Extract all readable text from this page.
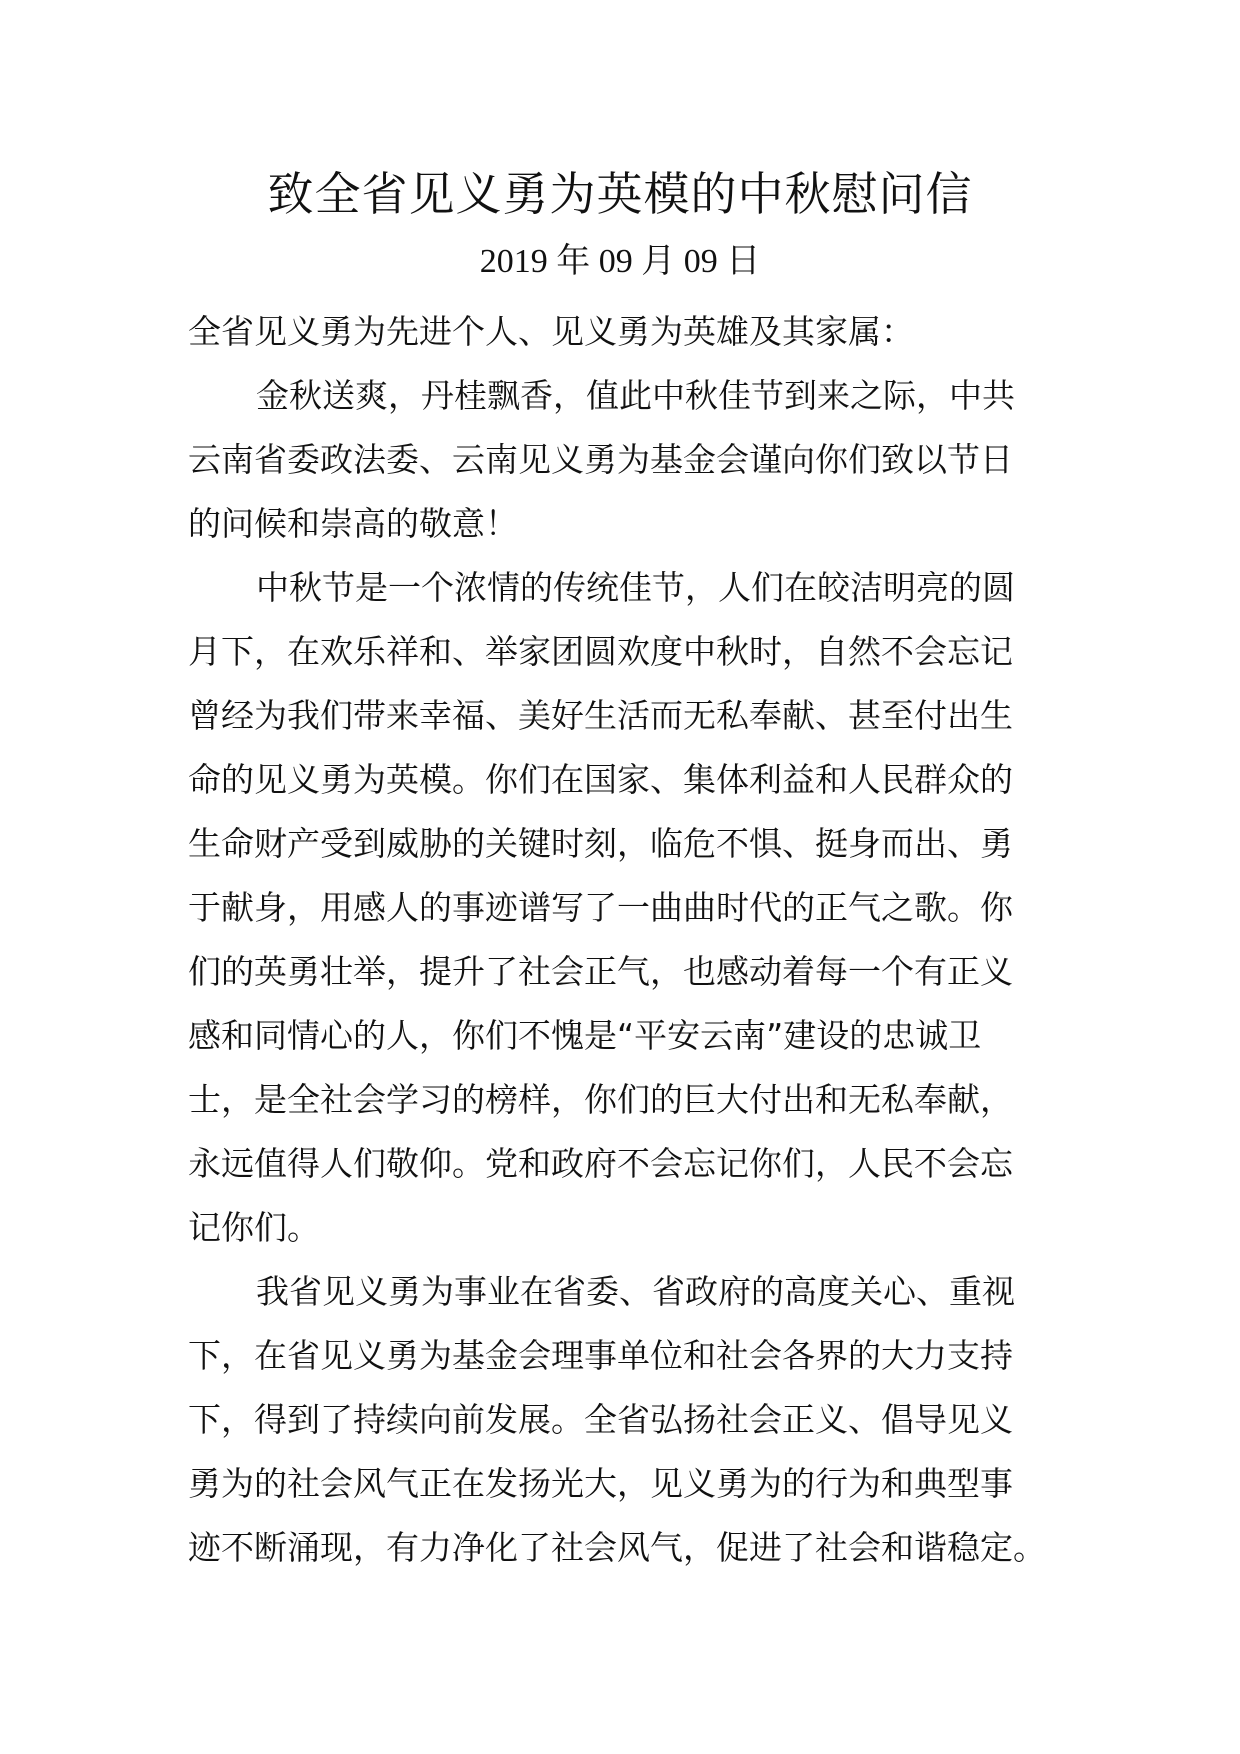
致全省见义勇为英模的中秋慰问信
2019 年 09 月 09 日
全省见义勇为先进个人、见义勇为英雄及其家属：
金秋送爽，丹桂飘香，值此中秋佳节到来之际，中共
云南省委政法委、云南见义勇为基金会谨向你们致以节日
的问候和崇高的敬意！
中秋节是一个浓情的传统佳节，人们在皎洁明亮的圆
月下，在欢乐祥和、举家团圆欢度中秋时，自然不会忘记
曾经为我们带来幸福、美好生活而无私奉献、甚至付出生
命的见义勇为英模。你们在国家、集体利益和人民群众的
生命财产受到威胁的关键时刻，临危不惧、挺身而出、勇
于献身，用感人的事迹谱写了一曲曲时代的正气之歌。你
们的英勇壮举，提升了社会正气，也感动着每一个有正义
感和同情心的人，你们不愧是“平安云南”建设的忠诚卫
士，是全社会学习的榜样，你们的巨大付出和无私奉献，
永远值得人们敬仰。党和政府不会忘记你们，人民不会忘
记你们。
我省见义勇为事业在省委、省政府的高度关心、重视
下，在省见义勇为基金会理事单位和社会各界的大力支持
下，得到了持续向前发展。全省弘扬社会正义、倡导见义
勇为的社会风气正在发扬光大，见义勇为的行为和典型事
迹不断涌现，有力净化了社会风气，促进了社会和谐稳定。
